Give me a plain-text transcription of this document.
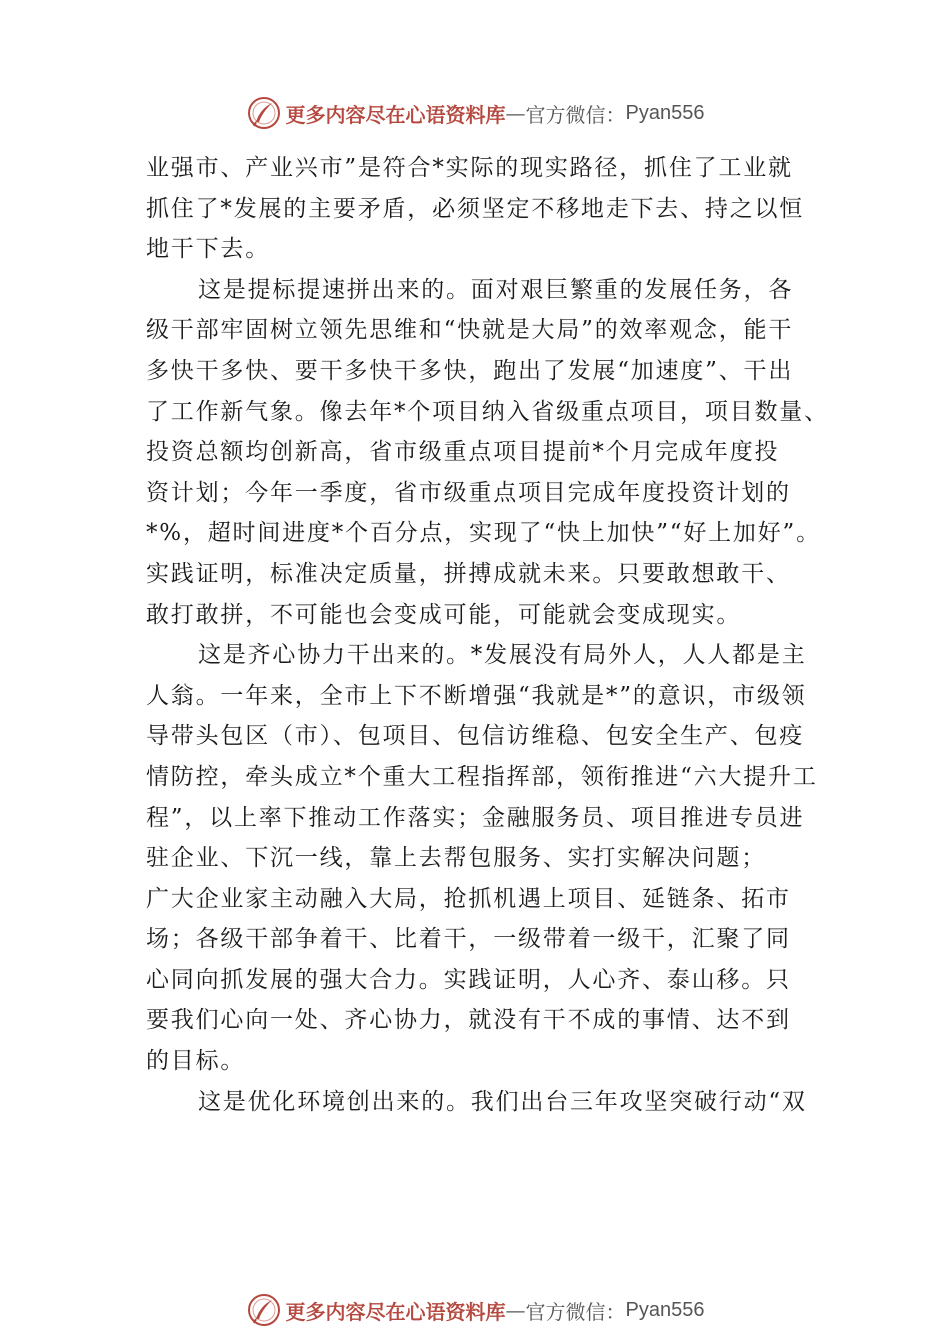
更多内容尽在心语资料库 — 官方微信： Pyan556
业强市、产业兴市”是符合*实际的现实路径，抓住了工业就
抓住了*发展的主要矛盾，必须坚定不移地走下去、持之以恒
地干下去。
这是提标提速拼出来的。面对艰巨繁重的发展任务，各
级干部牢固树立领先思维和“快就是大局”的效率观念，能干
多快干多快、要干多快干多快，跑出了发展“加速度”、干出
了工作新气象。像去年*个项目纳入省级重点项目，项目数量、
投资总额均创新高，省市级重点项目提前*个月完成年度投
资计划；今年一季度，省市级重点项目完成年度投资计划的
*%，超时间进度*个百分点，实现了“快上加快”“好上加好”。
实践证明，标准决定质量，拼搏成就未来。只要敢想敢干、
敢打敢拼，不可能也会变成可能，可能就会变成现实。
这是齐心协力干出来的。*发展没有局外人，人人都是主
人翁。一年来，全市上下不断增强“我就是*”的意识，市级领
导带头包区（市）、包项目、包信访维稳、包安全生产、包疫
情防控，牵头成立*个重大工程指挥部，领衔推进“六大提升工
程”，以上率下推动工作落实；金融服务员、项目推进专员进
驻企业、下沉一线，靠上去帮包服务、实打实解决问题；
广大企业家主动融入大局，抢抓机遇上项目、延链条、拓市
场；各级干部争着干、比着干，一级带着一级干，汇聚了同
心同向抓发展的强大合力。实践证明，人心齐、泰山移。只
要我们心向一处、齐心协力，就没有干不成的事情、达不到
的目标。
这是优化环境创出来的。我们出台三年攻坚突破行动“双
更多内容尽在心语资料库 — 官方微信： Pyan556
